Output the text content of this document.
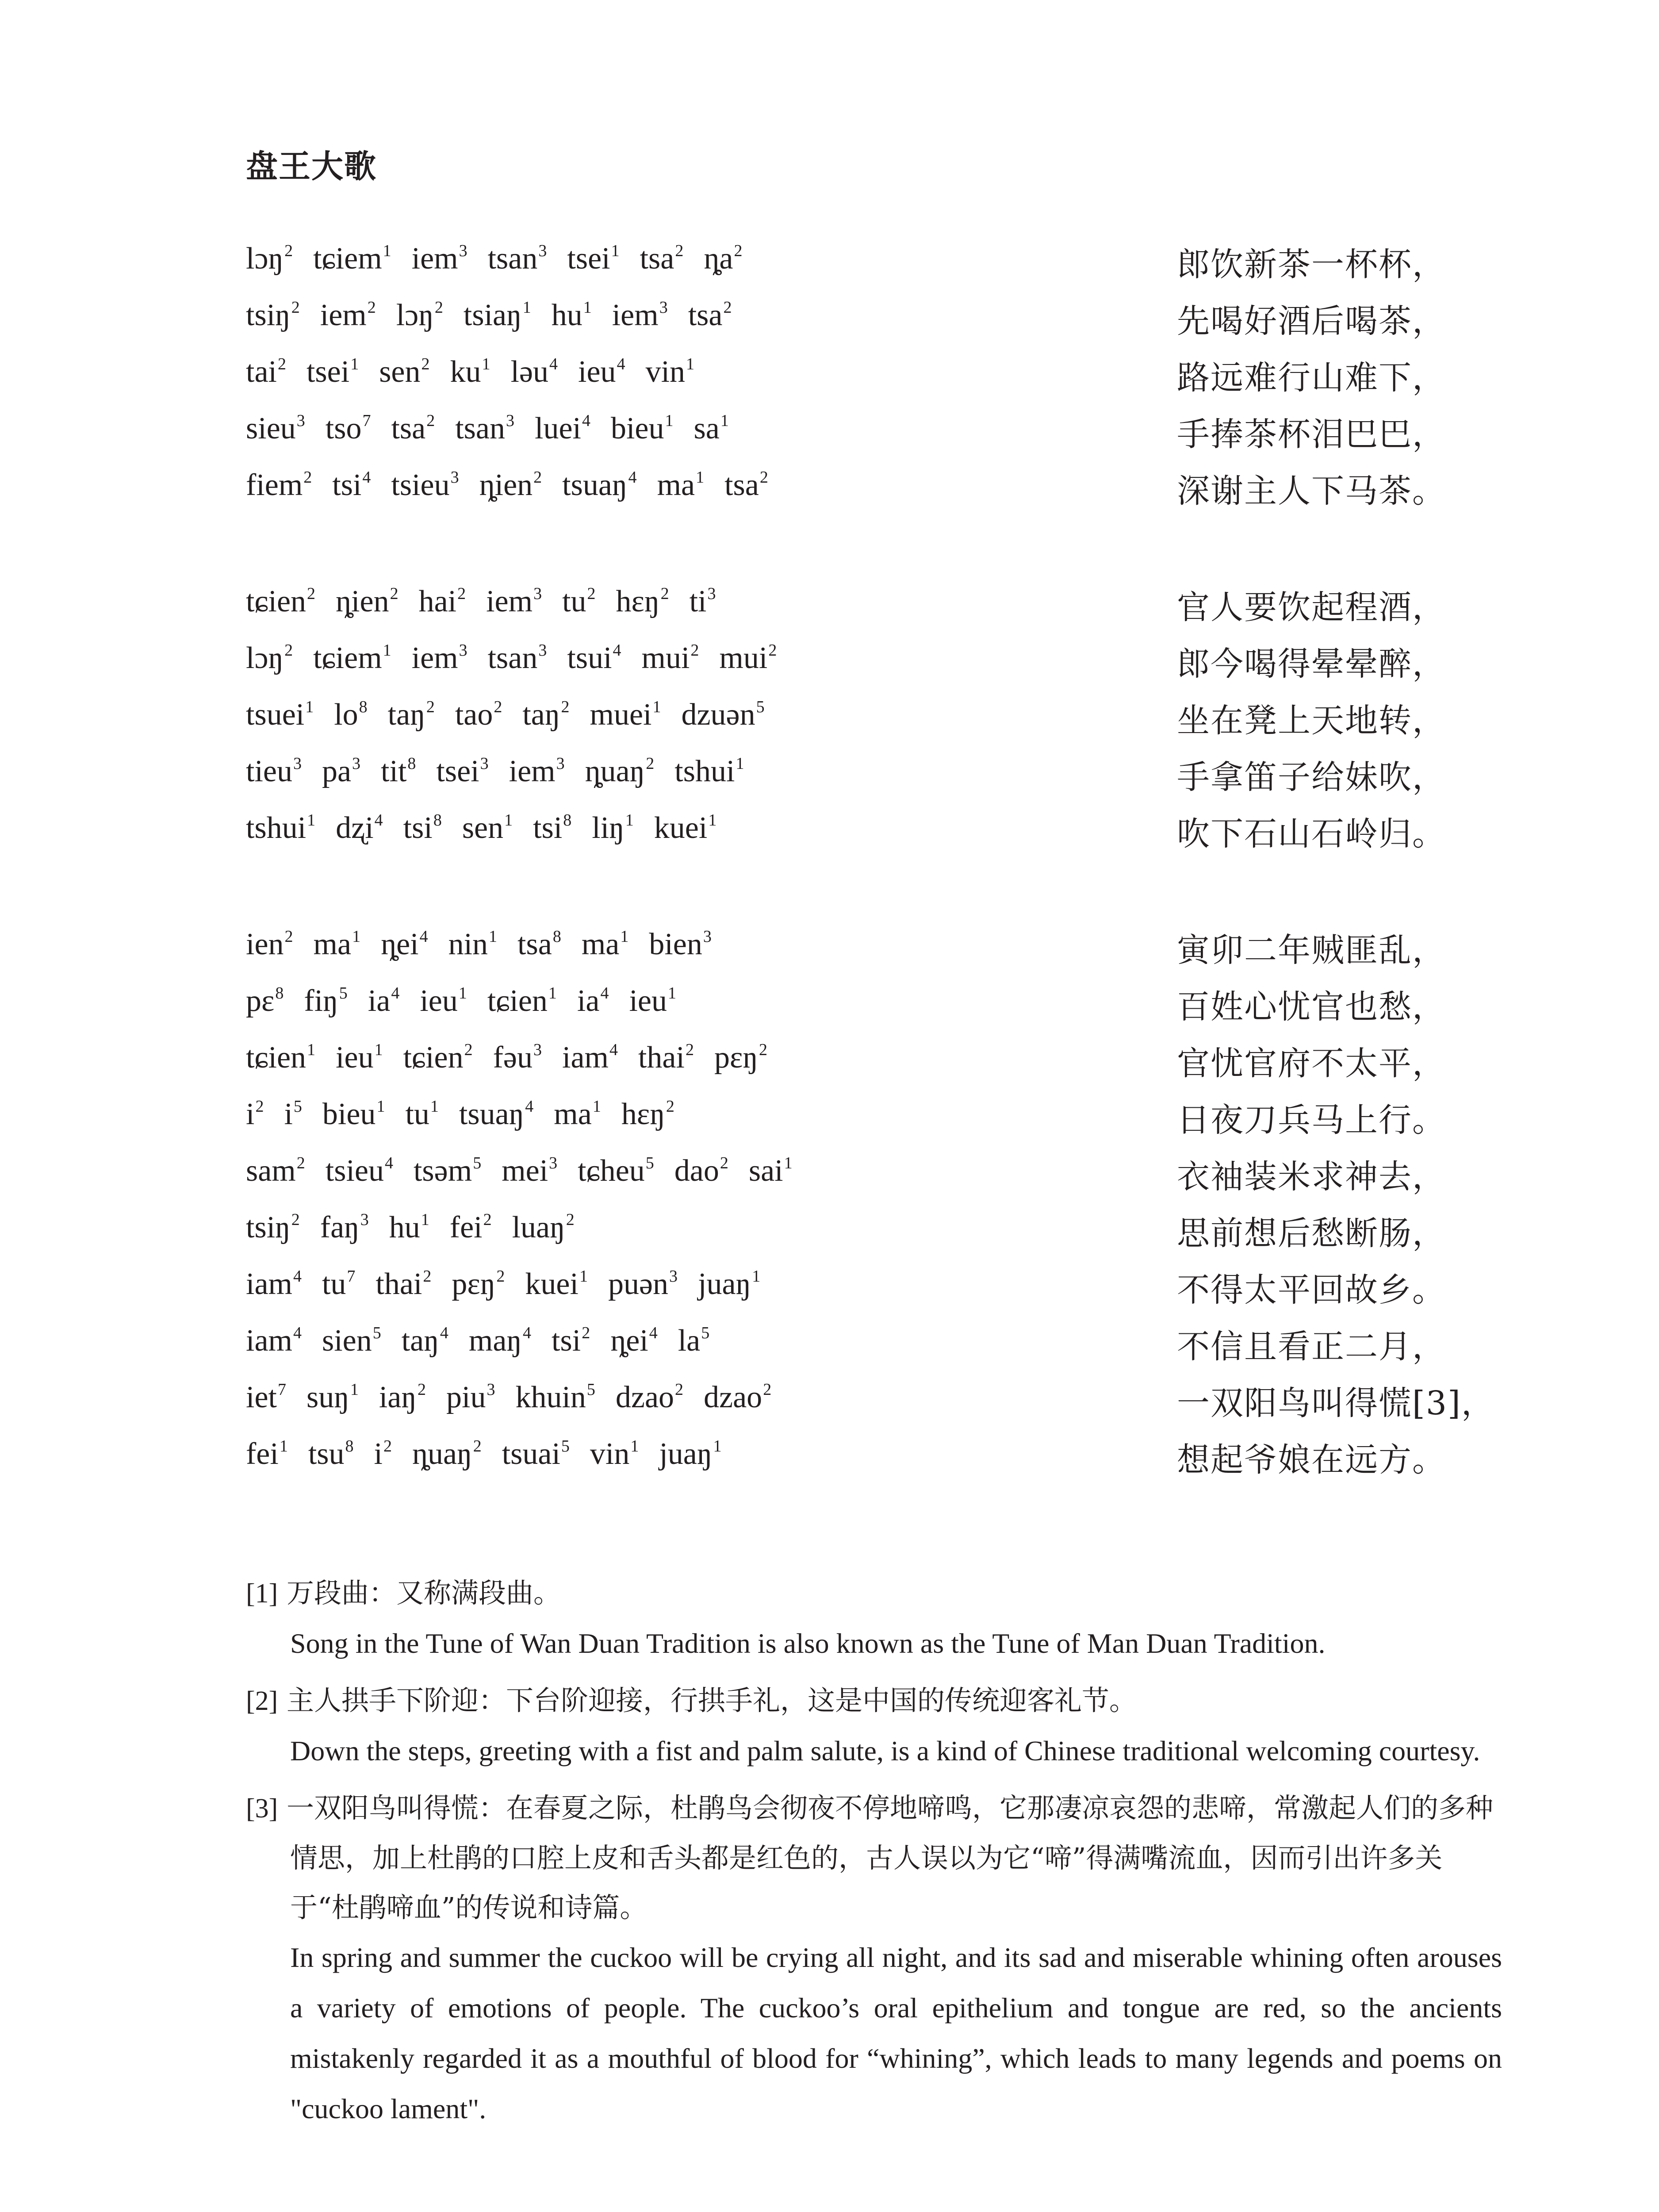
盘王大歌
lɔŋ$^2$ tɕiem$^1$ iem$^3$ tsan$^3$ tsei$^1$ tsa$^2$ $ȵa^2$	郎饮新茶一杯杯，
tsiŋ$^2$ iem$^2$ lɔŋ$^2$ tsiaŋ$^1$ $hu^1$ iem$^3$ tsa$^2$	先喝好酒后喝茶，
tai$^2$ tsei$^1$ sen$^2$ $ku^1$ ləu$^4$ ieu$^4$ vin$^1$	路远难行山难下，
sieu$^3$ tso$^7$ tsa$^2$ tsan$^3$ luei$^4$ bieu$^1$ $sa^1$	手捧茶杯泪巴巴，
fiem$^2$ tsi$^4$ tsieu$^3$ ȵien$^2$ tsuaŋ$^4$ $ma^1$ tsa$^2$	深谢主人下马茶。
tɕien$^2$ ȵien$^2$ hai$^2$ iem$^3$ $tu^2$ hɛŋ$^2$ $ti^3$	官人要饮起程酒，
lɔŋ$^2$ tɕiem$^1$ iem$^3$ tsan$^3$ tsui$^4$ mui$^2$ mui$^2$	郎今喝得晕晕醉，
tsuei$^1$ $lo^8$ taŋ$^2$ tao$^2$ taŋ$^2$ muei$^1$ dzuən$^5$	坐在凳上天地转，
tieu$^3$ $pa^3$ tit$^8$ tsei$^3$ iem$^3$ ȵuaŋ$^2$ tshui$^1$	手拿笛子给妹吹，
tshui$^1$ dʐi$^4$ tsi$^8$ sen$^1$ tsi$^8$ liŋ$^1$ kuei$^1$	吹下石山石岭归。
ien$^2$ $ma^1$ ȵei$^4$ nin$^1$ tsa$^8$ $ma^1$ bien$^3$	寅卯二年贼匪乱，
pɛ$^8$ fiŋ$^5$ $ia^4$ ieu$^1$ tɕien$^1$ $ia^4$ ieu$^1$	百姓心忧官也愁，
tɕien$^1$ ieu$^1$ tɕien$^2$ fəu$^3$ iam$^4$ thai$^2$ pɛŋ$^2$	官忧官府不太平，
$i^2$ $i^5$ bieu$^1$ $tu^1$ tsuaŋ$^4$ $ma^1$ hɛŋ$^2$	日夜刀兵马上行。
sam$^2$ tsieu$^4$ tsəm$^5$ mei$^3$ tɕheu$^5$ dao$^2$ sai$^1$	衣袖装米求神去，
tsiŋ$^2$ faŋ$^3$ $hu^1$ fei$^2$ luaŋ$^2$	思前想后愁断肠，
iam$^4$ $tu^7$ thai$^2$ pɛŋ$^2$ kuei$^1$ puən$^3$ juaŋ$^1$	不得太平回故乡。
iam$^4$ sien$^5$ taŋ$^4$ maŋ$^4$ tsi$^2$ ȵei$^4$ $la^5$	不信且看正二月，
iet$^7$ suŋ$^1$ iaŋ$^2$ piu$^3$ khuin$^5$ dzao$^2$ dzao$^2$	一双阳鸟叫得慌[3]，
fei$^1$ tsu$^8$ $i^2$ ȵuaŋ$^2$ tsuai$^5$ vin$^1$ juaŋ$^1$	想起爷娘在远方。
[1] 万段曲：又称满段曲。
Song in the Tune of Wan Duan Tradition is also known as the Tune of Man Duan Tradition.
[2] 主人拱手下阶迎：下台阶迎接，行拱手礼，这是中国的传统迎客礼节。
Down the steps, greeting with a fist and palm salute, is a kind of Chinese traditional welcoming courtesy.
[3] 一双阳鸟叫得慌：在春夏之际，杜鹃鸟会彻夜不停地啼鸣，它那凄凉哀怨的悲啼，常激起人们的多种情思，加上杜鹃的口腔上皮和舌头都是红色的，古人误以为它“啼”得满嘴流血，因而引出许多关于“杜鹃啼血”的传说和诗篇。
In spring and summer the cuckoo will be crying all night, and its sad and miserable whining often arouses a variety of emotions of people. The cuckoo’s oral epithelium and tongue are red, so the ancients mistakenly regarded it as a mouthful of blood for “whining”, which leads to many legends and poems on "cuckoo lament".
